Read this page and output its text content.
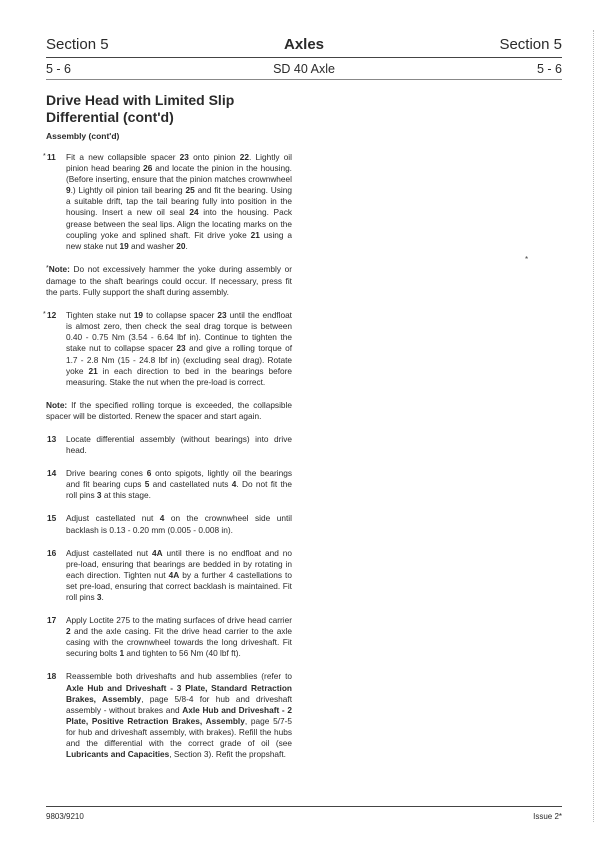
Section 5	Axles	Section 5
5 - 6	SD 40 Axle	5 - 6
Drive Head with Limited Slip Differential (cont'd)
Assembly (cont'd)
* 11 Fit a new collapsible spacer 23 onto pinion 22. Lightly oil pinion head bearing 26 and locate the pinion in the housing. (Before inserting, ensure that the pinion matches crownwheel 9.) Lightly oil pinion tail bearing 25 and fit the bearing. Using a suitable drift, tap the tail bearing fully into position in the housing. Insert a new oil seal 24 into the housing. Pack grease between the seal lips. Align the locating marks on the coupling yoke and splined shaft. Fit drive yoke 21 using a new stake nut 19 and washer 20.
*Note: Do not excessively hammer the yoke during assembly or damage to the shaft bearings could occur. If necessary, press fit the parts. Fully support the shaft during assembly.
* 12 Tighten stake nut 19 to collapse spacer 23 until the endfloat is almost zero, then check the seal drag torque is between 0.40 - 0.75 Nm (3.54 - 6.64 lbf in). Continue to tighten the stake nut to collapse spacer 23 and give a rolling torque of 1.7 - 2.8 Nm (15 - 24.8 lbf in) (excluding seal drag). Rotate yoke 21 in each direction to bed in the bearings before measuring. Stake the nut when the pre-load is correct.
Note: If the specified rolling torque is exceeded, the collapsible spacer will be distorted. Renew the spacer and start again.
13 Locate differential assembly (without bearings) into drive head.
14 Drive bearing cones 6 onto spigots, lightly oil the bearings and fit bearing cups 5 and castellated nuts 4. Do not fit the roll pins 3 at this stage.
15 Adjust castellated nut 4 on the crownwheel side until backlash is 0.13 - 0.20 mm (0.005 - 0.008 in).
16 Adjust castellated nut 4A until there is no endfloat and no pre-load, ensuring that bearings are bedded in by rotating in each direction. Tighten nut 4A by a further 4 castellations to set pre-load, ensuring that correct backlash is maintained. Fit roll pins 3.
17 Apply Loctite 275 to the mating surfaces of drive head carrier 2 and the axle casing. Fit the drive head carrier to the axle casing with the crownwheel towards the long driveshaft. Fit securing bolts 1 and tighten to 56 Nm (40 lbf ft).
18 Reassemble both driveshafts and hub assemblies (refer to Axle Hub and Driveshaft - 3 Plate, Standard Retraction Brakes, Assembly, page 5/8-4 for hub and driveshaft assembly - without brakes and Axle Hub and Driveshaft - 2 Plate, Positive Retraction Brakes, Assembly, page 5/7-5 for hub and driveshaft assembly, with brakes). Refill the hubs and the differential with the correct grade of oil (see Lubricants and Capacities, Section 3). Refit the propshaft.
*
9803/9210	Issue 2*
